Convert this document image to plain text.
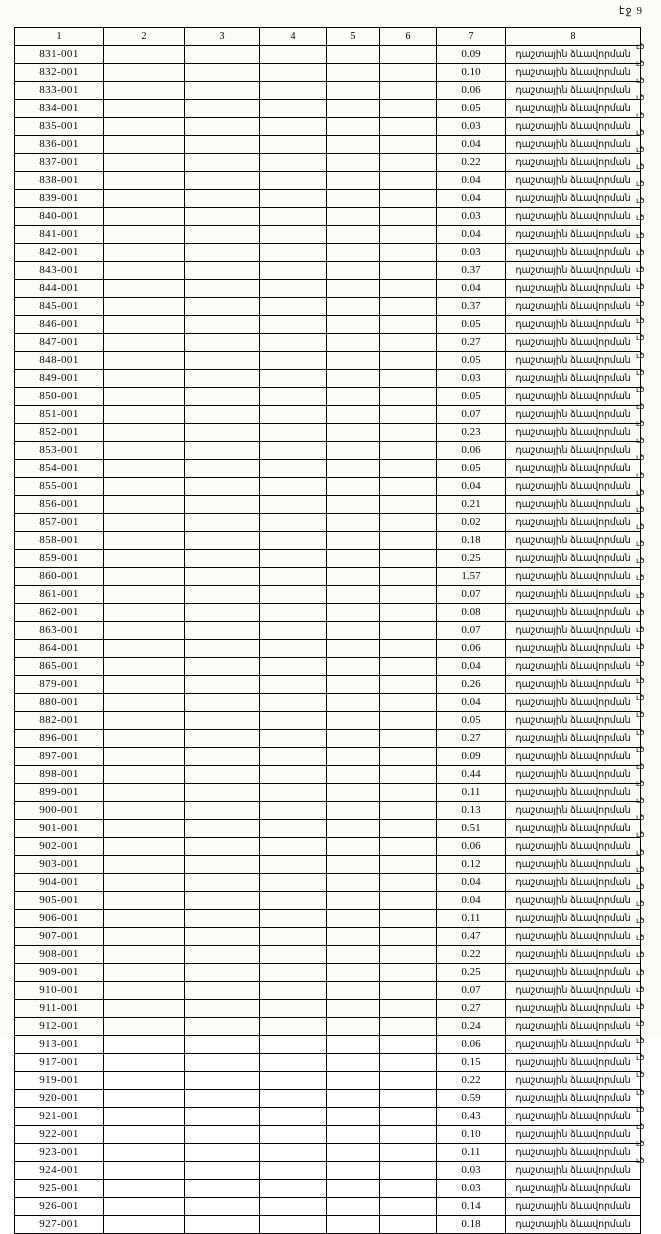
էջ 9
1	2	3	4	5	6	7	8
831-001						0.09	դաշտային ձևավորման
832-001						0.10	դաշտային ձևավորման
833-001						0.06	դաշտային ձևավորման
834-001						0.05	դաշտային ձևավորման
835-001						0.03	դաշտային ձևավորման
836-001						0.04	դաշտային ձևավորման
837-001						0.22	դաշտային ձևավորման
838-001						0.04	դաշտային ձևավորման
839-001						0.04	դաշտային ձևավորման
840-001						0.03	դաշտային ձևավորման
841-001						0.04	դաշտային ձևավորման
842-001						0.03	դաշտային ձևավորման
843-001						0.37	դաշտային ձևավորման
844-001						0.04	դաշտային ձևավորման
845-001						0.37	դաշտային ձևավորման
846-001						0.05	դաշտային ձևավորման
847-001						0.27	դաշտային ձևավորման
848-001						0.05	դաշտային ձևավորման
849-001						0.03	դաշտային ձևավորման
850-001						0.05	դաշտային ձևավորման
851-001						0.07	դաշտային ձևավորման
852-001						0.23	դաշտային ձևավորման
853-001						0.06	դաշտային ձևավորման
854-001						0.05	դաշտային ձևավորման
855-001						0.04	դաշտային ձևավորման
856-001						0.21	դաշտային ձևավորման
857-001						0.02	դաշտային ձևավորման
858-001						0.18	դաշտային ձևավորման
859-001						0.25	դաշտային ձևավորման
860-001						1.57	դաշտային ձևավորման
861-001						0.07	դաշտային ձևավորման
862-001						0.08	դաշտային ձևավորման
863-001						0.07	դաշտային ձևավորման
864-001						0.06	դաշտային ձևավորման
865-001						0.04	դաշտային ձևավորման
879-001						0.26	դաշտային ձևավորման
880-001						0.04	դաշտային ձևավորման
882-001						0.05	դաշտային ձևավորման
896-001						0.27	դաշտային ձևավորման
897-001						0.09	դաշտային ձևավորման
898-001						0.44	դաշտային ձևավորման
899-001						0.11	դաշտային ձևավորման
900-001						0.13	դաշտային ձևավորման
901-001						0.51	դաշտային ձևավորման
902-001						0.06	դաշտային ձևավորման
903-001						0.12	դաշտային ձևավորման
904-001						0.04	դաշտային ձևավորման
905-001						0.04	դաշտային ձևավորման
906-001						0.11	դաշտային ձևավորման
907-001						0.47	դաշտային ձևավորման
908-001						0.22	դաշտային ձևավորման
909-001						0.25	դաշտային ձևավորման
910-001						0.07	դաշտային ձևավորման
911-001						0.27	դաշտային ձևավորման
912-001						0.24	դաշտային ձևավորման
913-001						0.06	դաշտային ձևավորման
917-001						0.15	դաշտային ձևավորման
919-001						0.22	դաշտային ձևավորման
920-001						0.59	դաշտային ձևավորման
921-001						0.43	դաշտային ձևավորման
922-001						0.10	դաշտային ձևավորման
923-001						0.11	դաշտային ձևավորման
924-001						0.03	դաշտային ձևավորման
925-001						0.03	դաշտային ձևավորման
926-001						0.14	դաշտային ձևավորման
927-001						0.18	դաշտային ձևավորման
ւծ
ւծ
ւծ
ւծ
ւծ
ւծ
ւծ
ւծ
ւծ
ւծ
ւծ
ւծ
ւծ
ւծ
ւծ
ւծ
ւծ
ւծ
ւծ
ւծ
ւծ
ւծ
ւծ
ւծ
ւծ
ւծ
ւծ
ւծ
ւծ
ւծ
ւծ
ւծ
ւծ
ւծ
ւծ
ւծ
ւծ
ւծ
ւծ
ւծ
ւծ
ւծ
ւծ
ւծ
ւծ
ւծ
ւծ
ւծ
ւծ
ւծ
ւծ
ւծ
ւծ
ւծ
ւծ
ւծ
ւծ
ւծ
ւծ
ւծ
ւծ
ւծ
ւծ
ւծ
ւծ
ւծ
